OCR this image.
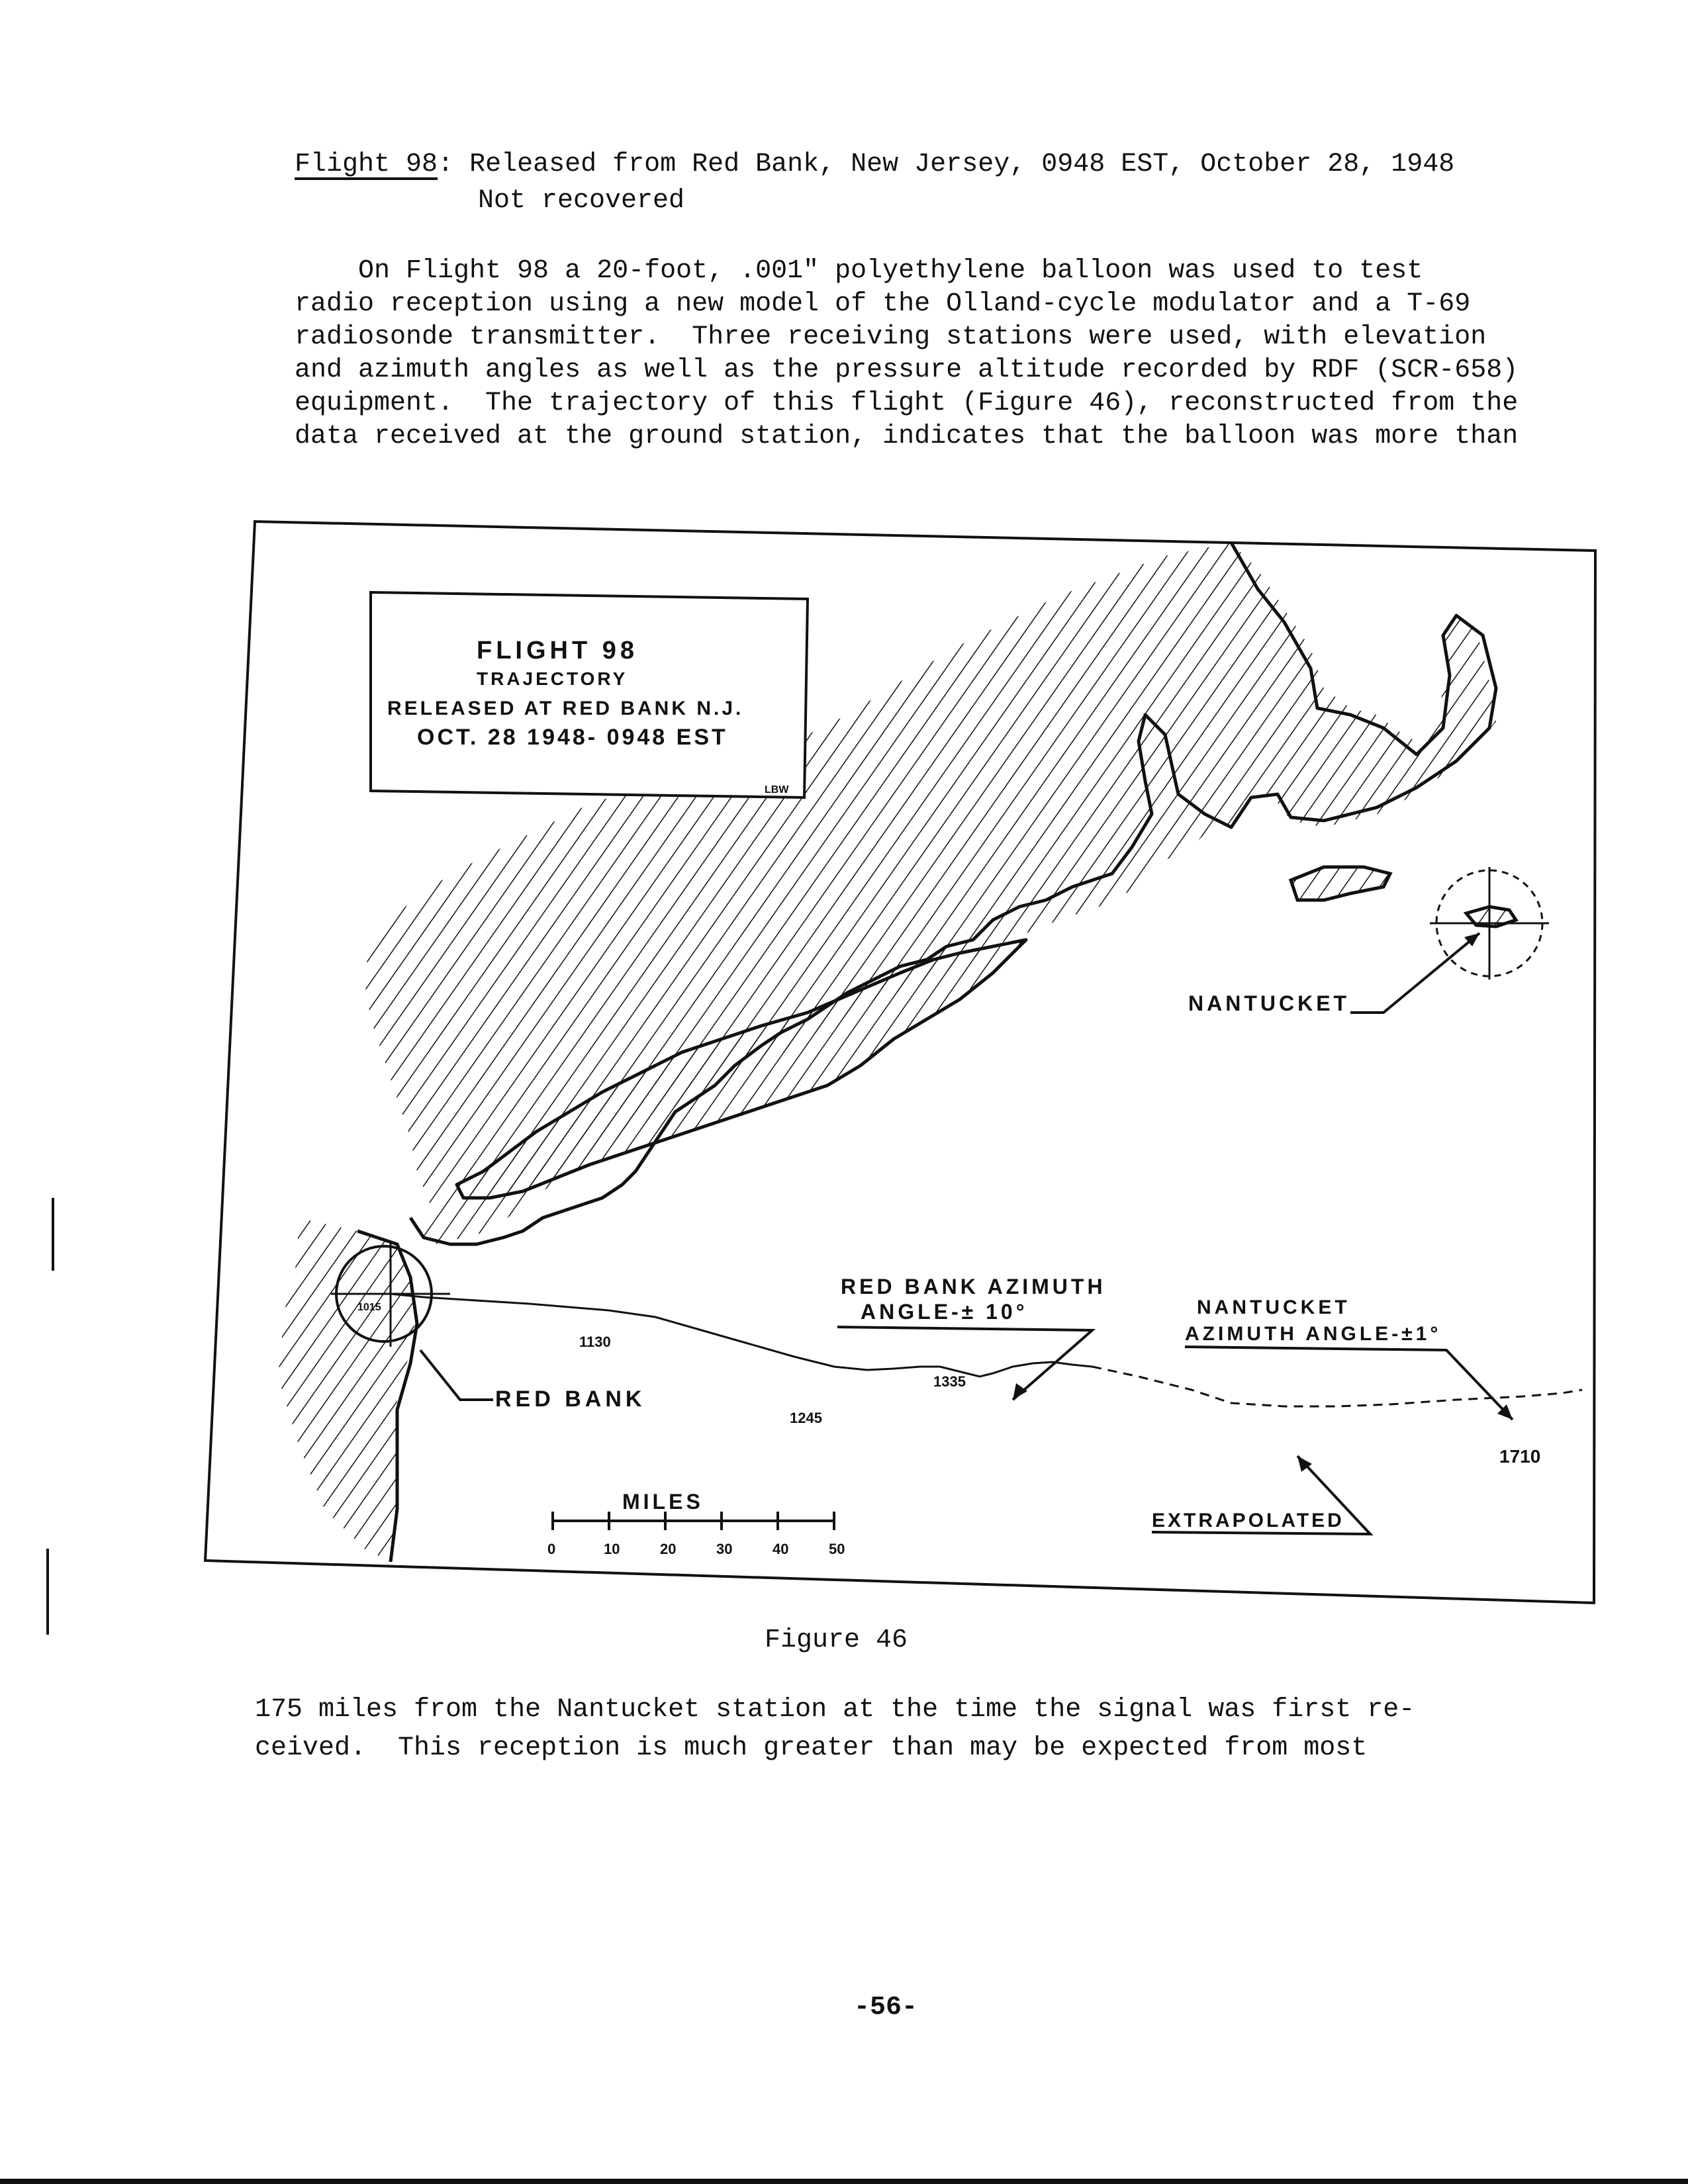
Flight 98: Released from Red Bank, New Jersey, 0948 EST, October 28, 1948
Not recovered
On Flight 98 a 20-foot, .001" polyethylene balloon was used to test
radio reception using a new model of the Olland-cycle modulator and a T-69
radiosonde transmitter.  Three receiving stations were used, with elevation
and azimuth angles as well as the pressure altitude recorded by RDF (SCR-658)
equipment.  The trajectory of this flight (Figure 46), reconstructed from the
data received at the ground station, indicates that the balloon was more than
FLIGHT 98
TRAJECTORY
RELEASED AT RED BANK N.J.
OCT. 28 1948- 0948 EST
LBW
1015
1130
1245
1335
1710
NANTUCKET
RED BANK
RED BANK AZIMUTH
ANGLE-± 10°	NANTUCKET
AZIMUTH ANGLE-±1°
EXTRAPOLATED
MILES
0	10	20	30	40	50
Figure 46
175 miles from the Nantucket station at the time the signal was first re-
ceived.  This reception is much greater than may be expected from most
-56-
